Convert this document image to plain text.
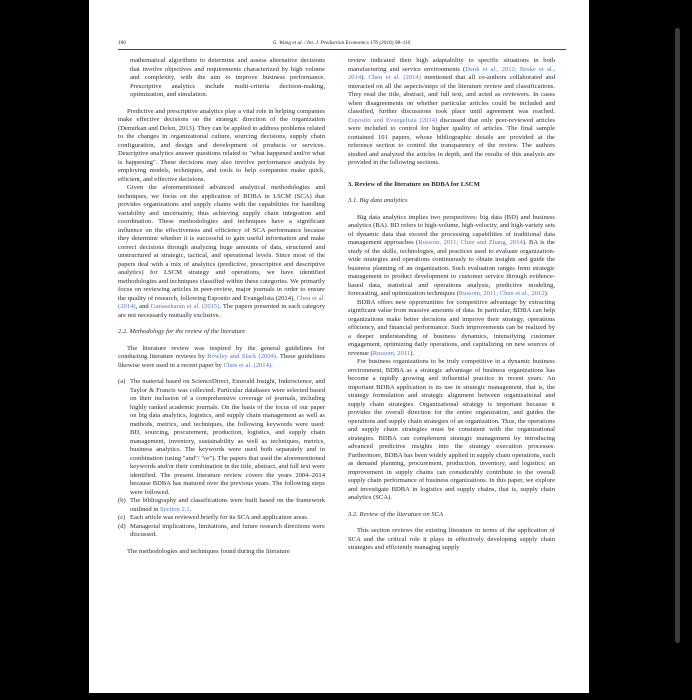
100	G. Wang et al. / Int. J. Production Economics 176 (2016) 98–110

mathematical algorithms to determine and assess alternative decisions that involve objectives and requirements characterized by high volume and complexity, with the aim to improve business performance. Prescriptive analytics include multi-criteria decision-making, optimization, and simulation.

Predictive and prescriptive analytics play a vital role in helping companies make effective decisions on the strategic direction of the organization (Demirkan and Delen, 2013). They can be applied to address problems related to the changes in organizational culture, sourcing decisions, supply chain configuration, and design and development of products or services. Descriptive analytics answer questions related to "what happened and/or what is happening". These decisions may also involve performance analysis by employing models, techniques, and tools to help companies make quick, efficient, and effective decisions.

Given the aforementioned advanced analytical methodologies and techniques, we focus on the application of BDBA in LSCM (SCA) that provides organizations and supply chains with the capabilities for handling variability and uncertainty, thus achieving supply chain integration and coordination. These methodologies and techniques have a significant influence on the effectiveness and efficiency of SCA performance because they determine whether it is successful to gain useful information and make correct decisions through analyzing huge amounts of data, structured and unstructured at strategic, tactical, and operational levels. Since most of the papers deal with a mix of analytics (predictive, prescriptive and descriptive analytics) for LSCM strategy and operations, we have identified methodologies and techniques classified within these categories. We primarily focus on reviewing articles in peer-review, major journals in order to ensure the quality of research, following Esposito and Evangelista (2014), Chen et al. (2014), and Gunasekaran et al. (2015). The papers presented in each category are not necessarily mutually exclusive.

2.2. Methodology for the review of the literature

The literature review was inspired by the general guidelines for conducting literature reviews by Rowley and Slack (2004). These guidelines likewise were used in a recent paper by Chen et al. (2014).

(a) The material based on ScienceDirect, Emerald Insight, Inderscience, and Taylor & Francis was collected. Particular databases were selected based on their inclusion of a comprehensive coverage of journals, including highly ranked academic journals. On the basis of the focus of our paper on big data analytics, logistics, and supply chain management as well as methods, metrics, and techniques, the following keywords were used: BD, sourcing, procurement, production, logistics, and supply chain management, inventory, sustainability as well as techniques, metrics, business analytics. The keywords were used both separately and in combination (using "and"/ "or"). The papers that used the aforementioned keywords and/or their combination in the title, abstract, and full text were identified. The present literature review covers the years 2004–2014 because BDBA has matured over the previous years. The following steps were followed.
(b) The bibliography and classifications were built based on the framework outlined in Section 2.1.
(c) Each article was reviewed briefly for its SCA and application areas.
(d) Managerial implications, limitations, and future research directions were discussed.

The methodologies and techniques found during the literature

review indicated their high adaptability to specific situations in both manufacturing and service environments (Denk et al., 2012; Beske et al., 2014). Chen et al. (2014) mentioned that all co-authors collaborated and interacted on all the aspects/steps of the literature review and classifications. They read the title, abstract, and full text, and acted as reviewers. In cases when disagreements on whether particular articles could be included and classified, further discussions took place until agreement was reached. Esposito and Evangelista (2014) discussed that only peer-reviewed articles were included to control for higher quality of articles. The final sample contained 101 papers, whose bibliographic details are provided at the reference section to control the transparency of the review. The authors studied and analyzed the articles in depth, and the results of this analysis are provided in the following sections.

3. Review of the literature on BDBA for LSCM

3.1. Big data analytics

Big data analytics implies two perspectives: big data (BD) and business analytics (BA). BD refers to high-volume, high-velocity, and high-variety sets of dynamic data that exceed the processing capabilities of traditional data management approaches (Russom, 2011; Chen and Zhang, 2014). BA is the study of the skills, technologies, and practices used to evaluate organization-wide strategies and operations continuously to obtain insights and guide the business planning of an organization. Such evaluation ranges from strategic management to product development to customer service through evidence-based data, statistical and operations analysis, predictive modeling, forecasting, and optimization techniques (Russom, 2011; Chen et al., 2012).

BDBA offers new opportunities for competitive advantage by extracting significant value from massive amounts of data. In particular, BDBA can help organizations make better decisions and improve their strategy, operations efficiency, and financial performance. Such improvements can be realized by a deeper understanding of business dynamics, intensifying customer engagement, optimizing daily operations, and capitalizing on new sources of revenue (Russom, 2011).

For business organizations to be truly competitive in a dynamic business environment, BDBA as a strategic advantage of business organizations has become a rapidly growing and influential practice in recent years. An important BDBA application is its use in strategic management, that is, the strategy formulation and strategic alignment between organizational and supply chain strategies. Organizational strategy is important because it provides the overall direction for the entire organization, and guides the operations and supply chain strategies of an organization. Thus, the operations and supply chain strategies must be consistent with the organizational strategies. BDBA can complement strategic management by introducing advanced predictive insights into the strategy execution processes. Furthermore, BDBA has been widely applied in supply chain operations, such as demand planning, procurement, production, inventory, and logistics; an improvement in supply chains can considerably contribute to the overall supply chain performance of business organizations. In this paper, we explore and investigate BDBA in logistics and supply chains, that is, supply chain analytics (SCA).

3.2. Review of the literature on SCA

This section reviews the existing literature in terms of the application of SCA and the critical role it plays in effectively developing supply chain strategies and efficiently managing supply
